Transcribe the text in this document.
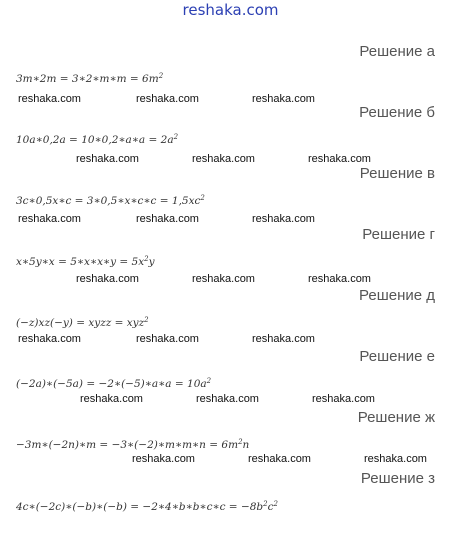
reshaka.com
Решение а
3m∗2m = 3∗2∗m∗m = $6m^2$
reshaka.com	reshaka.com	reshaka.com
Решение б
10a∗0,2a = 10∗0,2∗a∗a = $2a^2$
reshaka.com	reshaka.com	reshaka.com
Решение в
3c∗0,5x∗c = 3∗0,5∗x∗c∗c = $1,5xc^2$
reshaka.com	reshaka.com	reshaka.com
Решение г
x∗5y∗x = 5∗x∗x∗y = $5x^2y$
reshaka.com	reshaka.com	reshaka.com
Решение д
(−z)xz(−y) = xyzz = xyz$^2$
reshaka.com	reshaka.com	reshaka.com
Решение е
(−2a)∗(−5a) = −2∗(−5)∗a∗a = $10a^2$
reshaka.com	reshaka.com	reshaka.com
Решение ж
−3m∗(−2n)∗m = −3∗(−2)∗m∗m∗n = $6m^2n$
reshaka.com	reshaka.com	reshaka.com
Решение з
4c∗(−2c)∗(−b)∗(−b) = −2∗4∗b∗b∗c∗c = $-8b^2c^2$
